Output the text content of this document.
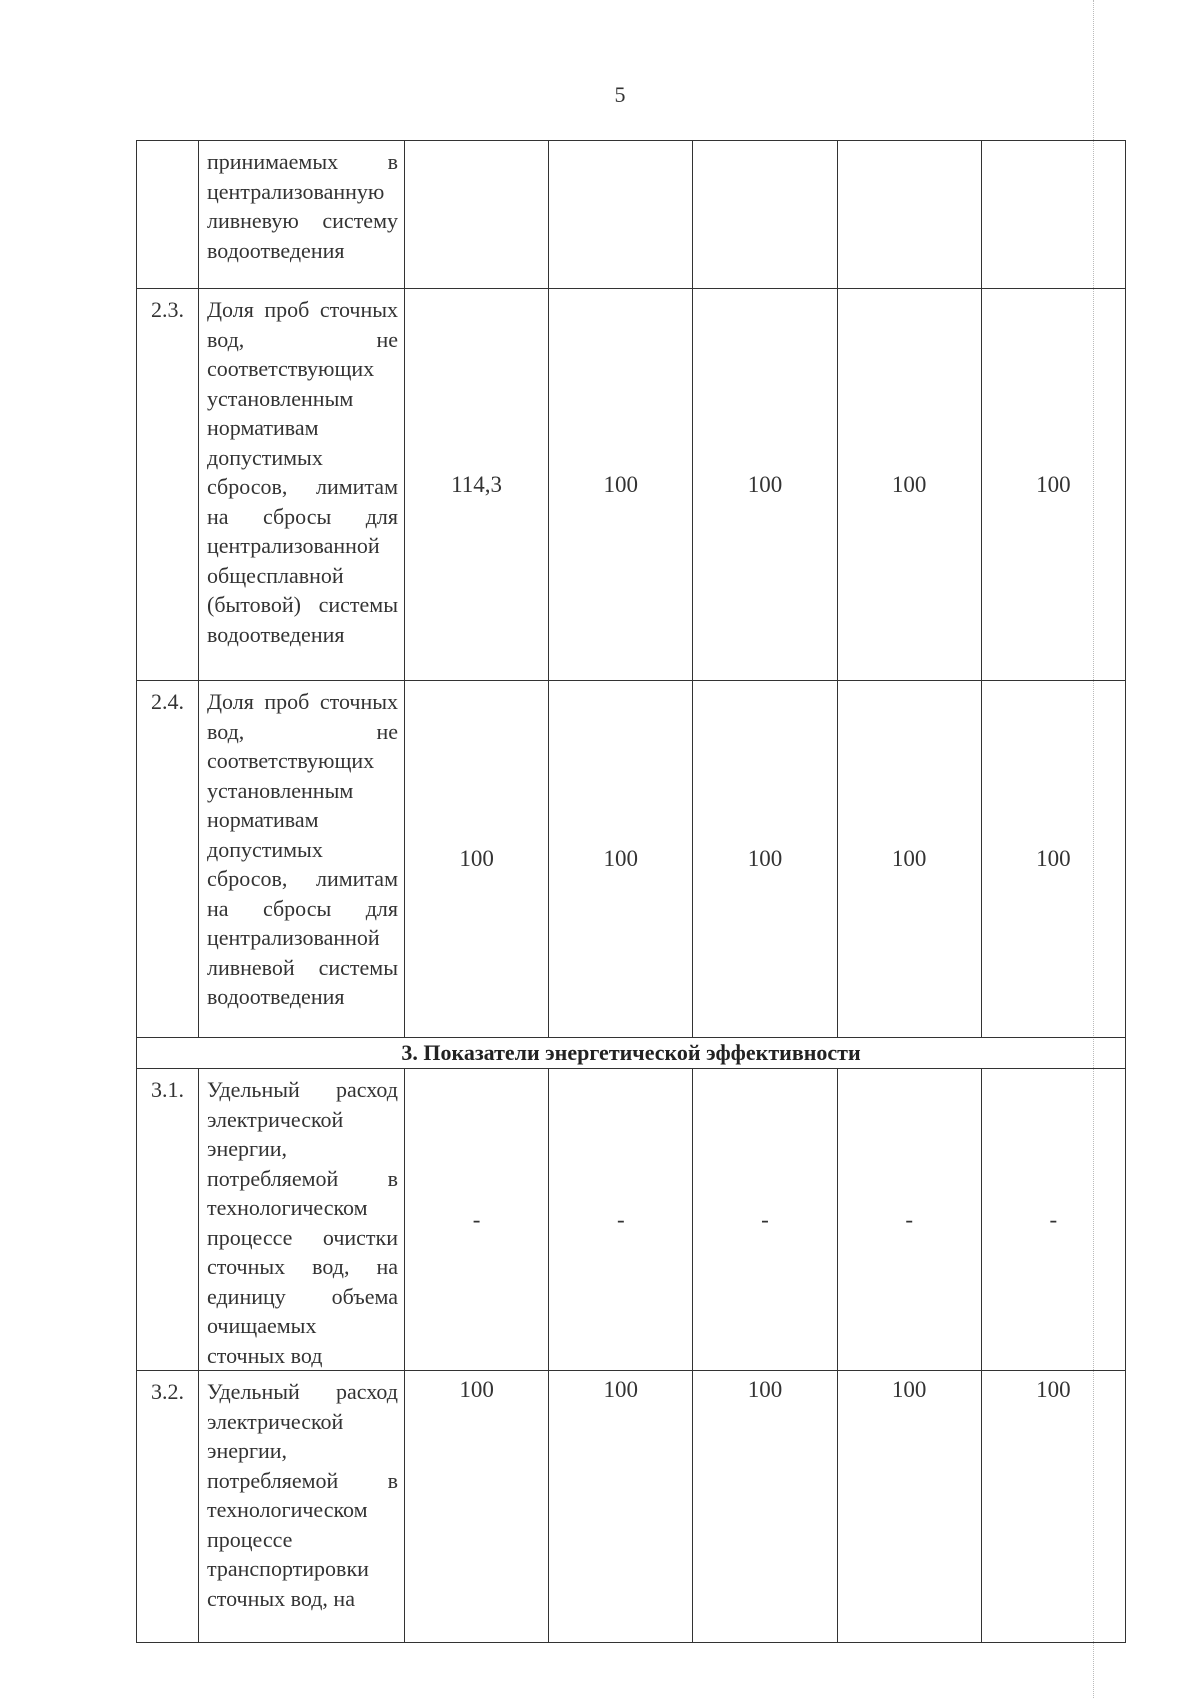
5
	принимаемых в централизованную ливневую систему водоотведения					
2.3.	Доля проб сточных вод, не соответствующих установленным нормативам допустимых сбросов, лимитам на сбросы для централизованной общесплавной (бытовой) системы водоотведения	114,3	100	100	100	100
2.4.	Доля проб сточных вод, не соответствующих установленным нормативам допустимых сбросов, лимитам на сбросы для централизованной ливневой системы водоотведения	100	100	100	100	100
3. Показатели энергетической эффективности						
3.1.	Удельный расход электрической энергии, потребляемой в технологическом процессе очистки сточных вод, на единицу объема очищаемых сточных вод	-	-	-	-	-
3.2.	Удельный расход электрической энергии, потребляемой в технологическом процессе транспортировки сточных вод, на	100	100	100	100	100
